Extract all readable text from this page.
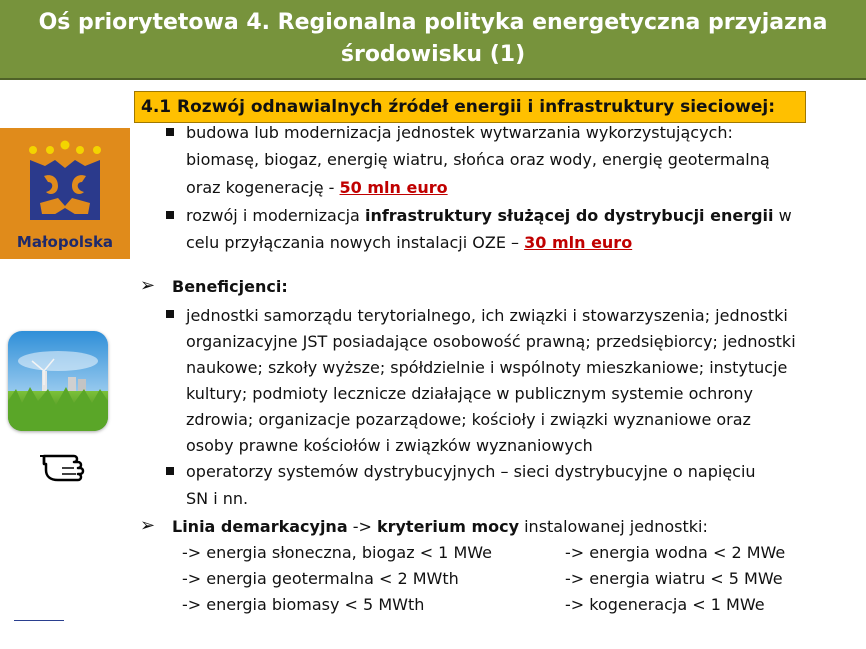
Oś priorytetowa 4. Regionalna polityka energetyczna przyjazna
środowisku (1)
4.1 Rozwój odnawialnych źródeł energii i infrastruktury sieciowej:
Małopolska
budowa lub modernizacja jednostek wytwarzania wykorzystujących:
biomasę, biogaz, energię wiatru, słońca oraz wody, energię geotermalną
oraz kogenerację - 50 mln euro
rozwój i modernizacja infrastruktury służącej do dystrybucji energii w
celu przyłączania nowych instalacji OZE – 30 mln euro
➢ Beneficjenci:
jednostki samorządu terytorialnego, ich związki i stowarzyszenia; jednostki
organizacyjne JST posiadające osobowość prawną; przedsiębiorcy; jednostki
naukowe; szkoły wyższe; spółdzielnie i wspólnoty mieszkaniowe; instytucje
kultury; podmioty lecznicze działające w publicznym systemie ochrony
zdrowia; organizacje pozarządowe; kościoły i związki wyznaniowe oraz
osoby prawne kościołów i związków wyznaniowych
operatorzy systemów dystrybucyjnych – sieci dystrybucyjne o napięciu
SN i nn.
➢ Linia demarkacyjna -> kryterium mocy instalowanej jednostki:
-> energia słoneczna, biogaz < 1 MWe
-> energia geotermalna < 2 MWth
-> energia biomasy < 5 MWth
-> energia wodna < 2 MWe
-> energia wiatru < 5 MWe
-> kogeneracja < 1 MWe
